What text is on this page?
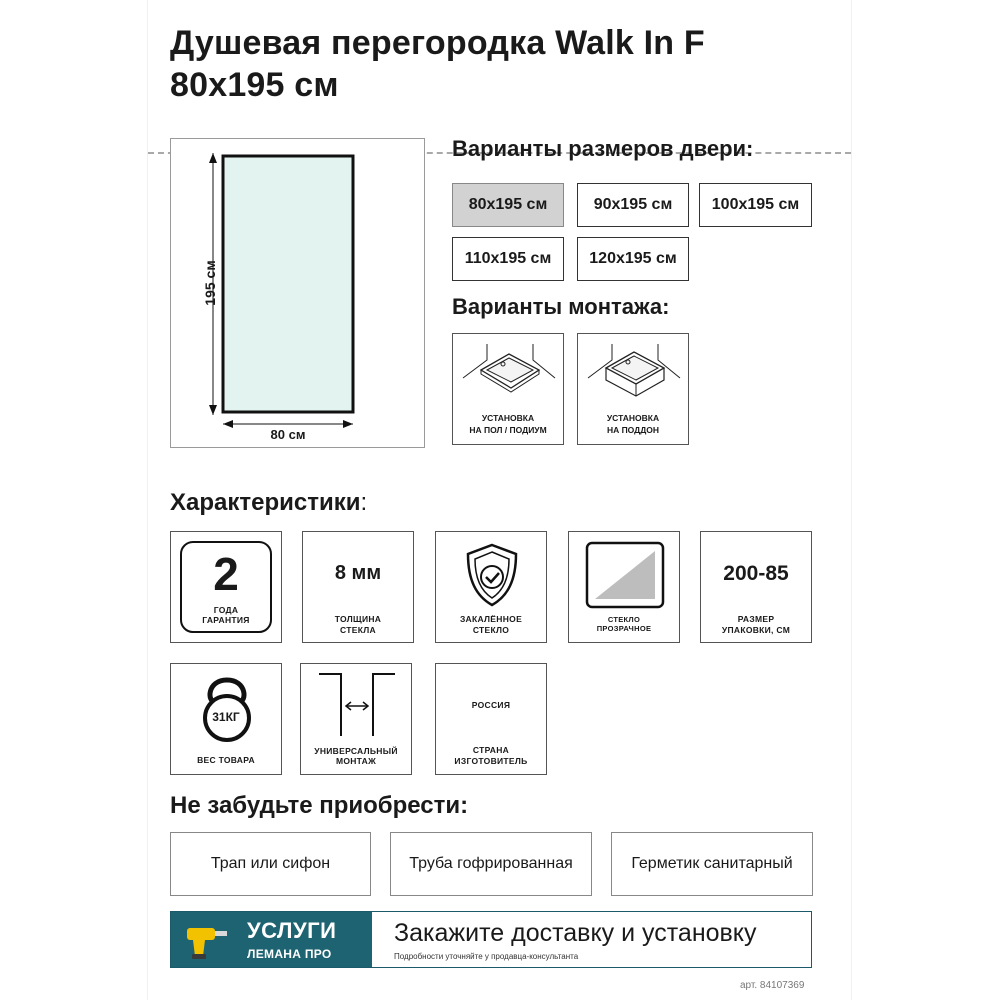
Душевая перегородка Walk In F
80x195 см
195 см
80 см
Варианты размеров двери:
80x195 см	90x195 см	100x195 см
110x195 см	120x195 см
Варианты монтажа:
УСТАНОВКА
НА ПОЛ / ПОДИУМ
УСТАНОВКА
НА ПОДДОН
Характеристики:
2
ГОДА
ГАРАНТИЯ
8 мм
ТОЛЩИНА
СТЕКЛА
ЗАКАЛЁННОЕ
СТЕКЛО
СТЕКЛО
ПРОЗРАЧНОЕ
200-85
РАЗМЕР
УПАКОВКИ, СМ
31КГ
ВЕС ТОВАРА
УНИВЕРСАЛЬНЫЙ
МОНТАЖ
РОССИЯ
СТРАНА
ИЗГОТОВИТЕЛЬ
Не забудьте приобрести:
Трап или сифон	Труба гофрированная	Герметик санитарный
УСЛУГИ
ЛЕМАНА ПРО
Закажите доставку и установку
Подробности уточняйте у продавца-консультанта
арт. 84107369
